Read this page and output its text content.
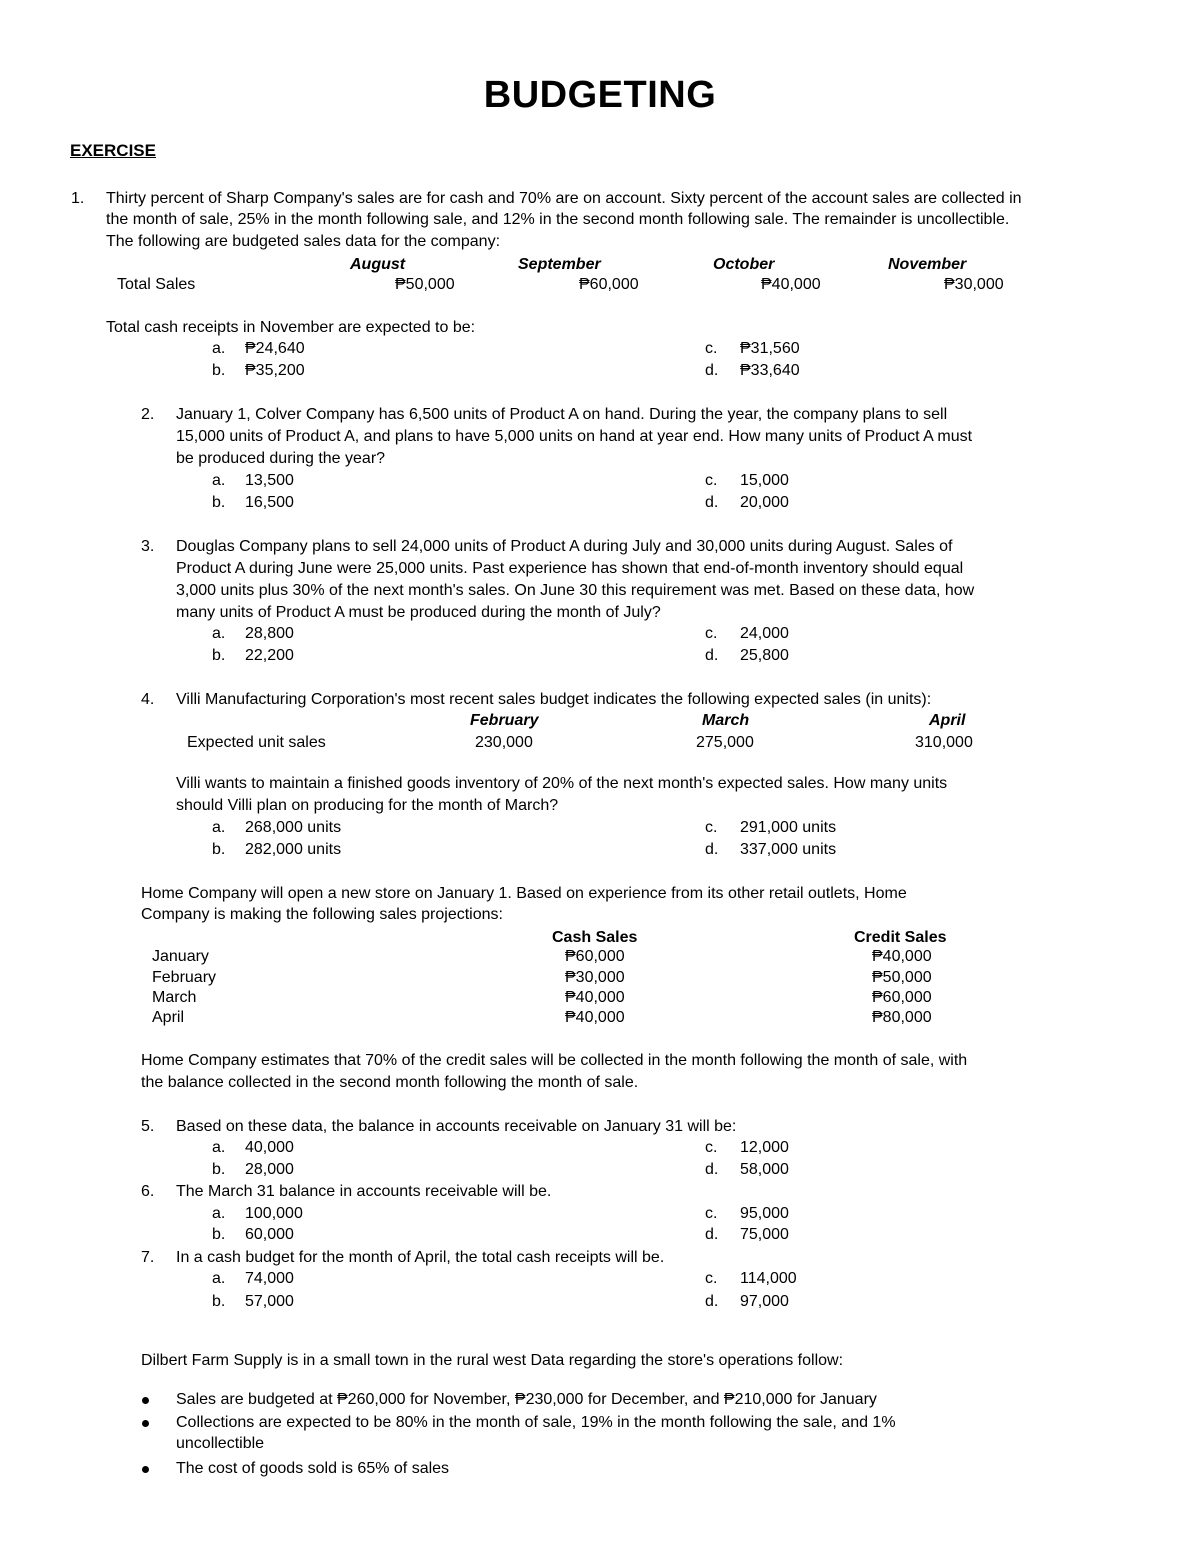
BUDGETING
EXERCISE
1. Thirty percent of Sharp Company's sales are for cash and 70% are on account. Sixty percent of the account sales are collected in
the month of sale, 25% in the month following sale, and 12% in the second month following sale. The remainder is uncollectible.
The following are budgeted sales data for the company:
August	September	October	November
Total Sales	₱50,000	₱60,000	₱40,000	₱30,000
Total cash receipts in November are expected to be:
a. ₱24,640	c. ₱31,560
b. ₱35,200	d. ₱33,640
2. January 1, Colver Company has 6,500 units of Product A on hand. During the year, the company plans to sell
15,000 units of Product A, and plans to have 5,000 units on hand at year end. How many units of Product A must
be produced during the year?
a. 13,500	c. 15,000
b. 16,500	d. 20,000
3. Douglas Company plans to sell 24,000 units of Product A during July and 30,000 units during August. Sales of
Product A during June were 25,000 units. Past experience has shown that end-of-month inventory should equal
3,000 units plus 30% of the next month's sales. On June 30 this requirement was met. Based on these data, how
many units of Product A must be produced during the month of July?
a. 28,800	c. 24,000
b. 22,200	d. 25,800
4. Villi Manufacturing Corporation's most recent sales budget indicates the following expected sales (in units):
February	March	April
Expected unit sales	230,000	275,000	310,000
Villi wants to maintain a finished goods inventory of 20% of the next month's expected sales. How many units
should Villi plan on producing for the month of March?
a. 268,000 units	c. 291,000 units
b. 282,000 units	d. 337,000 units
Home Company will open a new store on January 1. Based on experience from its other retail outlets, Home
Company is making the following sales projections:
Cash Sales	Credit Sales
January	₱60,000	₱40,000
February	₱30,000	₱50,000
March	₱40,000	₱60,000
April	₱40,000	₱80,000
Home Company estimates that 70% of the credit sales will be collected in the month following the month of sale, with
the balance collected in the second month following the month of sale.
5. Based on these data, the balance in accounts receivable on January 31 will be:
a. 40,000	c. 12,000
b. 28,000	d. 58,000
6. The March 31 balance in accounts receivable will be.
a. 100,000	c. 95,000
b. 60,000	d. 75,000
7. In a cash budget for the month of April, the total cash receipts will be.
a. 74,000	c. 114,000
b. 57,000	d. 97,000
Dilbert Farm Supply is in a small town in the rural west Data regarding the store's operations follow:
Sales are budgeted at ₱260,000 for November, ₱230,000 for December, and ₱210,000 for January
Collections are expected to be 80% in the month of sale, 19% in the month following the sale, and 1%
uncollectible
The cost of goods sold is 65% of sales
